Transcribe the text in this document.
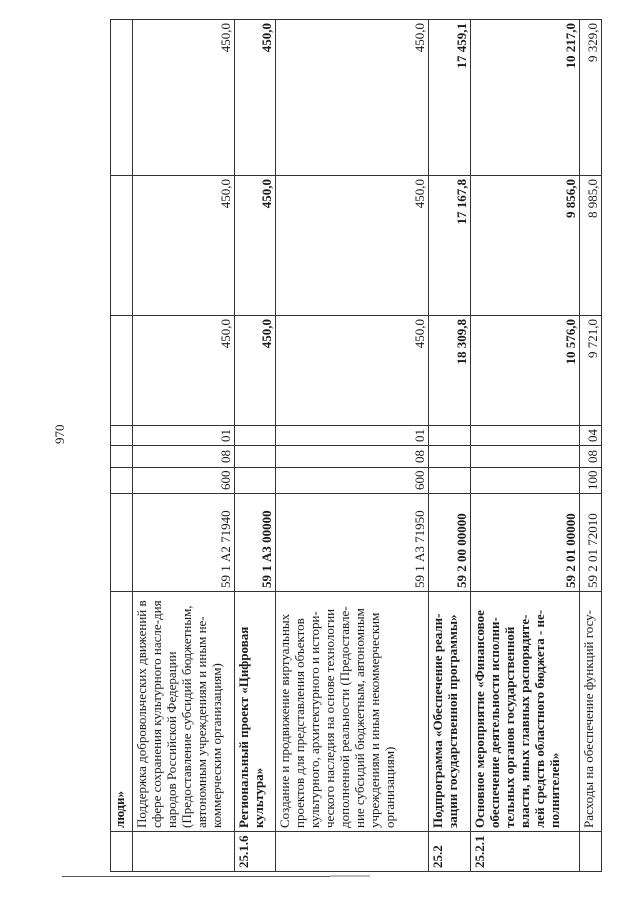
970
	люди»							
	Поддержка добровольческих движений в сфере сохранения культурного насле-дия народов Российской Федерации (Предоставление субсидий бюджетным, автономным учреждениям и иным не-коммерческим организациям)	59 1 А2 71940	600	08	01	450,0	450,0	450,0
25.1.6	Региональный проект «Цифровая культура»	59 1 А3 00000				450,0	450,0	450,0
	Создание и продвижение виртуальных проектов для представления объектов культурного, архитектурного и истори-ческого наследия на основе технологии дополненной реальности (Предоставле-ние субсидий бюджетным, автономным учреждениям и иным некоммерческим организациям)	59 1 А3 71950	600	08	01	450,0	450,0	450,0
25.2	Подпрограмма «Обеспечение реали-зации государственной программы»	59 2 00 00000				18 309,8	17 167,8	17 459,1
25.2.1	Основное мероприятие «Финансовое обеспечение деятельности исполни-тельных органов государственной власти, иных главных распорядите-лей средств областного бюджета - не-полнителей»	59 2 01 00000				10 576,0	9 856,0	10 217,0
	Расходы на обеспечение функций госу-	59 2 01 72010	100	08	04	9 721,0	8 985,0	9 329,0
